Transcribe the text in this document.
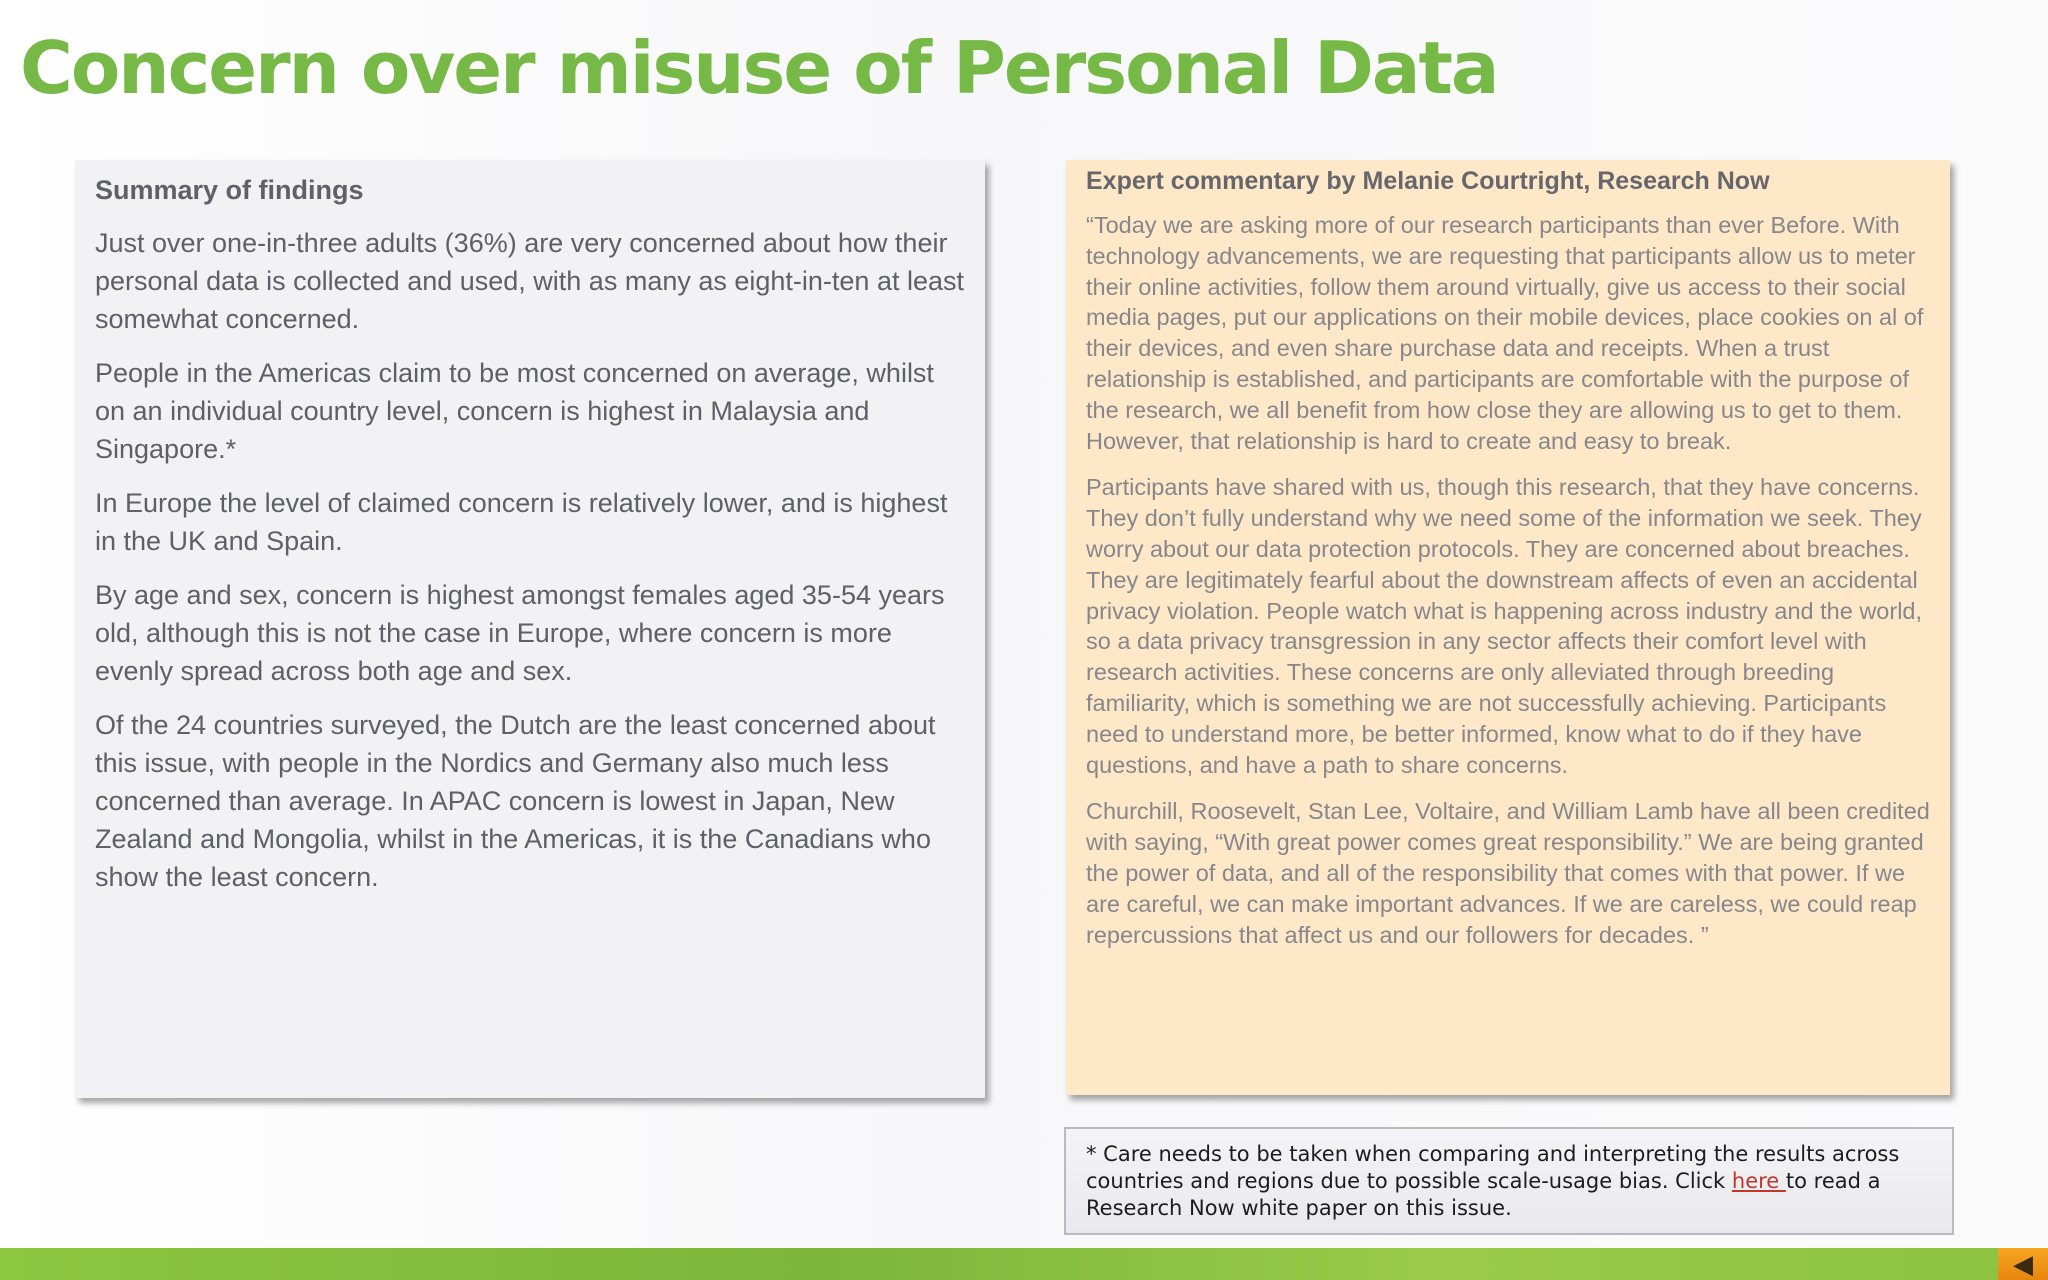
Concern over misuse of Personal Data
Summary of findings

Just over one-in-three adults (36%) are very concerned about how their personal data is collected and used, with as many as eight-in-ten at least somewhat concerned.

People in the Americas claim to be most concerned on average, whilst on an individual country level, concern is highest in Malaysia and Singapore.*

In Europe the level of claimed concern is relatively lower, and is highest in the UK and Spain.

By age and sex, concern is highest amongst females aged 35-54 years old, although this is not the case in Europe, where concern is more evenly spread across both age and sex.

Of the 24 countries surveyed, the Dutch are the least concerned about this issue, with people in the Nordics and Germany also much less concerned than average. In APAC concern is lowest in Japan, New Zealand and Mongolia, whilst in the Americas, it is the Canadians who show the least concern.

Expert commentary by Melanie Courtright, Research Now

“Today we are asking more of our research participants than ever Before. With technology advancements, we are requesting that participants allow us to meter their online activities, follow them around virtually, give us access to their social media pages, put our applications on their mobile devices, place cookies on al of their devices, and even share purchase data and receipts. When a trust relationship is established, and participants are comfortable with the purpose of the research, we all benefit from how close they are allowing us to get to them. However, that relationship is hard to create and easy to break.

Participants have shared with us, though this research, that they have concerns. They don’t fully understand why we need some of the information we seek. They worry about our data protection protocols. They are concerned about breaches. They are legitimately fearful about the downstream affects of even an accidental privacy violation. People watch what is happening across industry and the world, so a data privacy transgression in any sector affects their comfort level with research activities. These concerns are only alleviated through breeding familiarity, which is something we are not successfully achieving. Participants need to understand more, be better informed, know what to do if they have questions, and have a path to share concerns.

Churchill, Roosevelt, Stan Lee, Voltaire, and William Lamb have all been credited with saying, “With great power comes great responsibility.” We are being granted the power of data, and all of the responsibility that comes with that power. If we are careful, we can make important advances. If we are careless, we could reap repercussions that affect us and our followers for decades. ”

* Care needs to be taken when comparing and interpreting the results across countries and regions due to possible scale-usage bias. Click here to read a Research Now white paper on this issue.
◀
